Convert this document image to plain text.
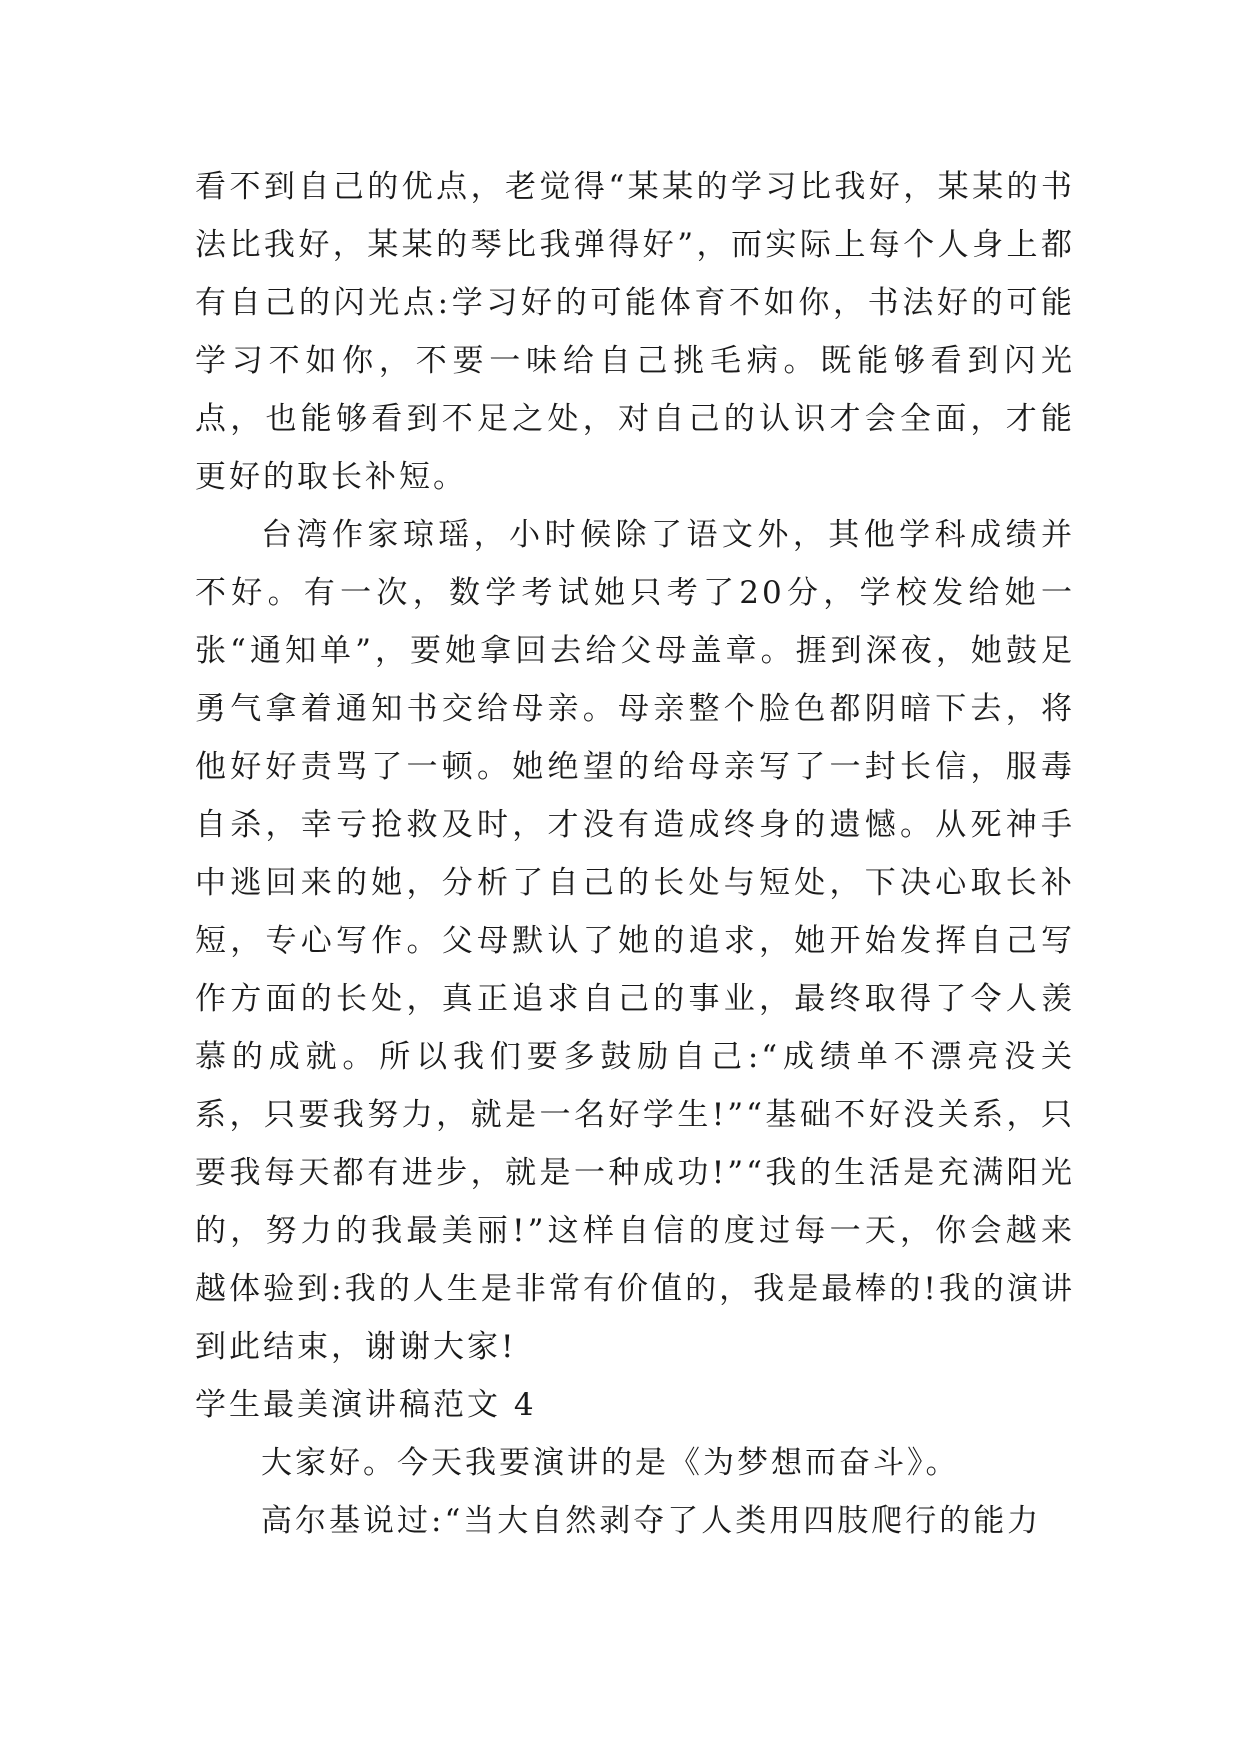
看不到自己的优点，老觉得“某某的学习比我好，某某的书法比我好，某某的琴比我弹得好”，而实际上每个人身上都有自己的闪光点:学习好的可能体育不如你，书法好的可能学习不如你，不要一味给自己挑毛病。既能够看到闪光点，也能够看到不足之处，对自己的认识才会全面，才能更好的取长补短。

台湾作家琼瑶，小时候除了语文外，其他学科成绩并不好。有一次，数学考试她只考了20分，学校发给她一张“通知单”，要她拿回去给父母盖章。捱到深夜，她鼓足勇气拿着通知书交给母亲。母亲整个脸色都阴暗下去，将他好好责骂了一顿。她绝望的给母亲写了一封长信，服毒自杀，幸亏抢救及时，才没有造成终身的遗憾。从死神手中逃回来的她，分析了自己的长处与短处，下决心取长补短，专心写作。父母默认了她的追求，她开始发挥自己写作方面的长处，真正追求自己的事业，最终取得了令人羡慕的成就。所以我们要多鼓励自己:“成绩单不漂亮没关系，只要我努力，就是一名好学生!”“基础不好没关系，只要我每天都有进步，就是一种成功!”“我的生活是充满阳光的，努力的我最美丽!”这样自信的度过每一天，你会越来越体验到:我的人生是非常有价值的，我是最棒的!我的演讲到此结束，谢谢大家!

学生最美演讲稿范文 4

大家好。今天我要演讲的是《为梦想而奋斗》。

高尔基说过:“当大自然剥夺了人类用四肢爬行的能力
